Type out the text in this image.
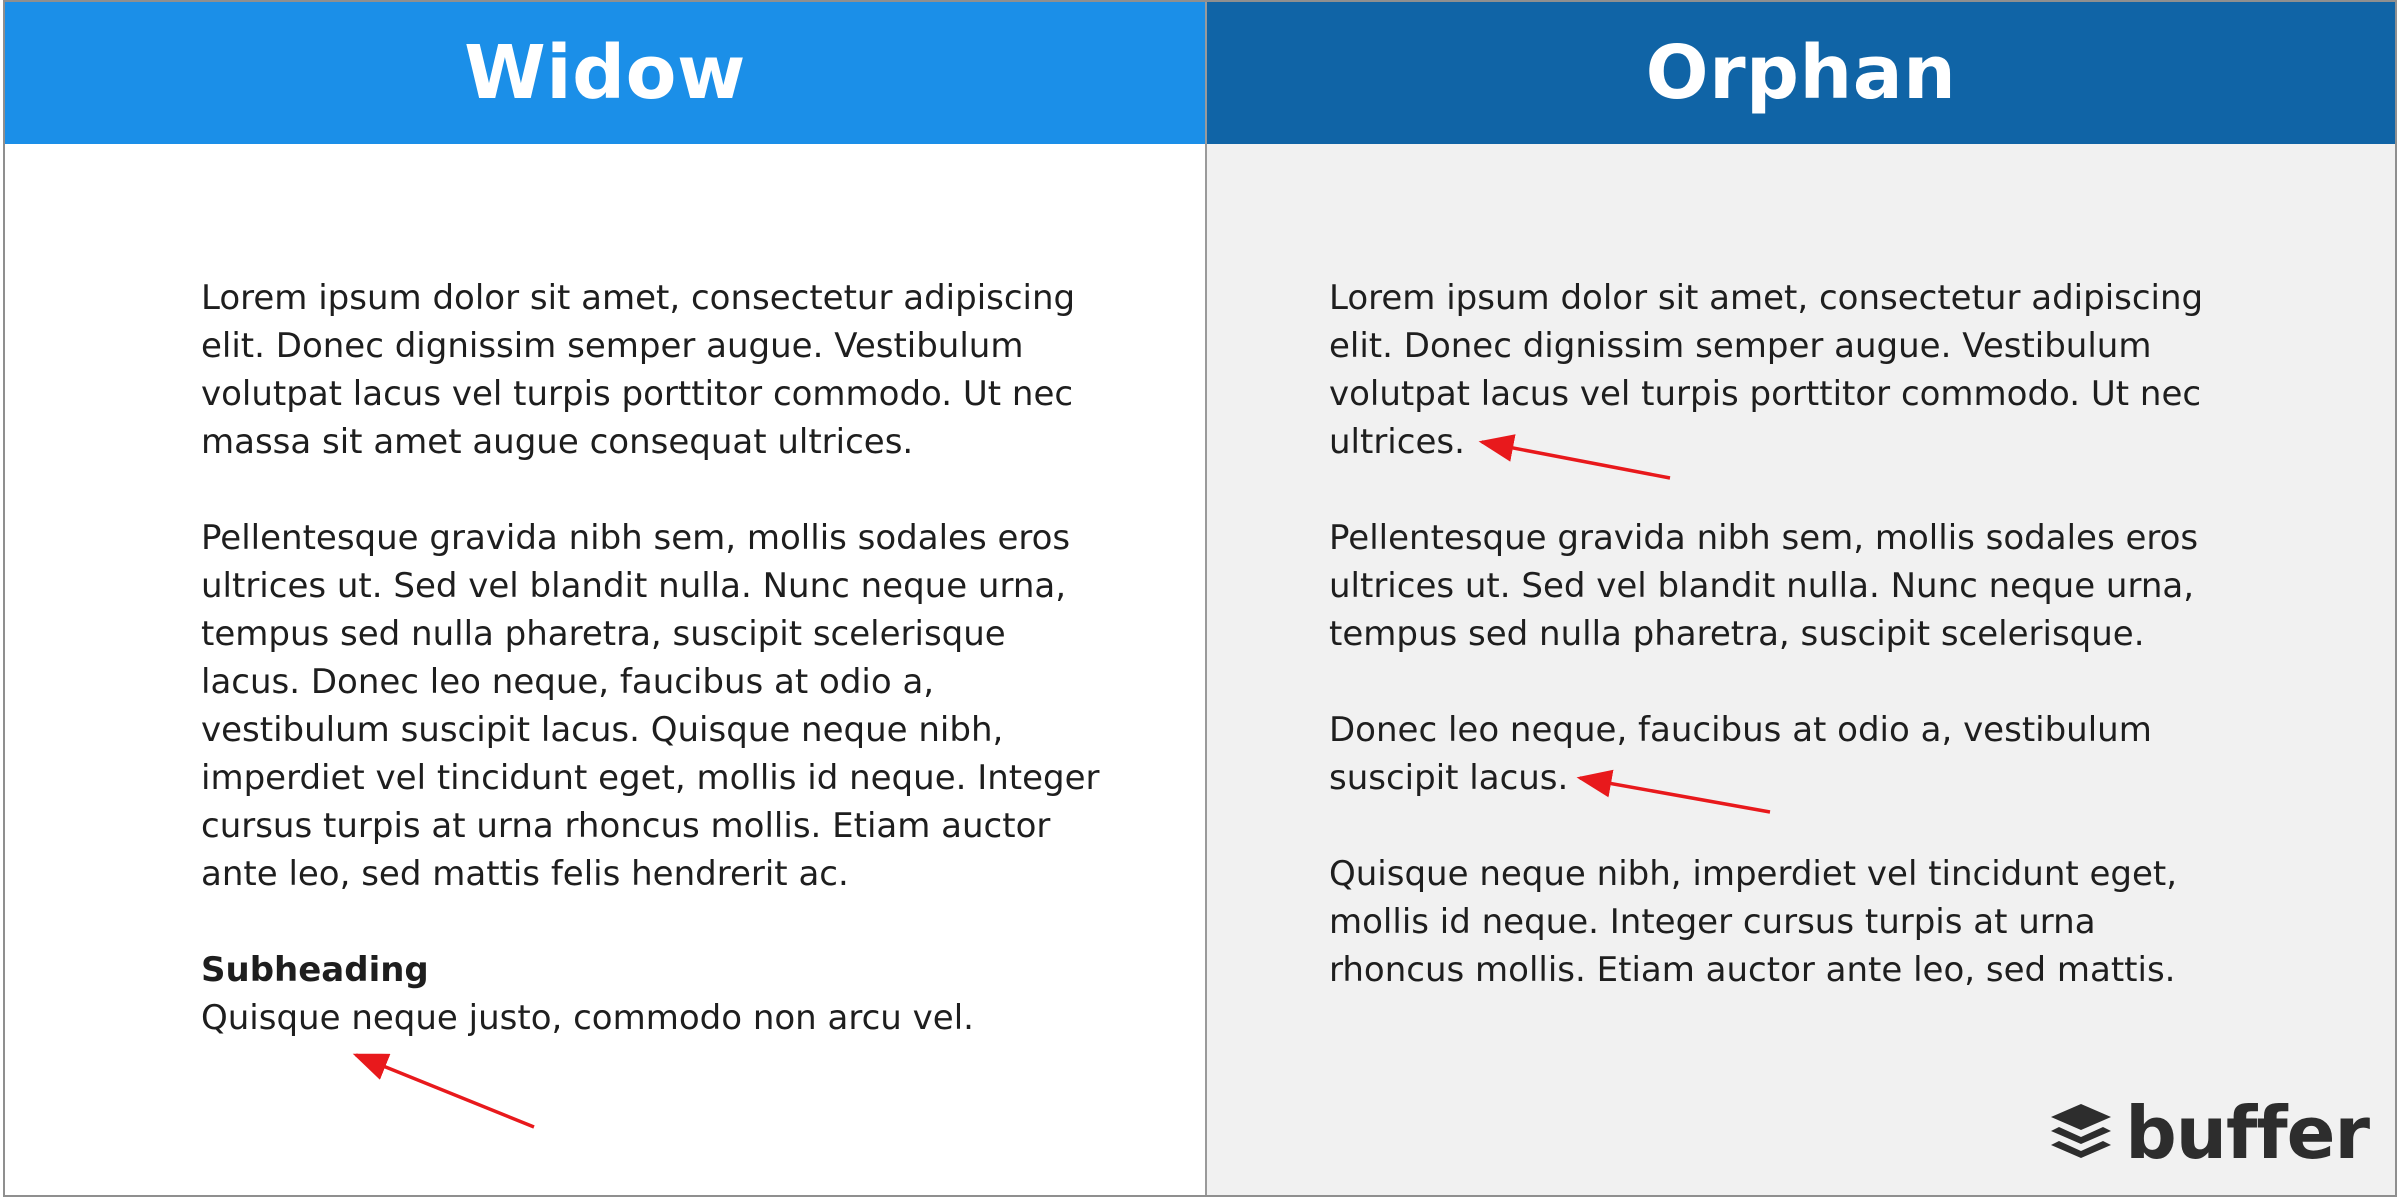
Widow

Lorem ipsum dolor sit amet, consectetur adipiscing
elit. Donec dignissim semper augue. Vestibulum
volutpat lacus vel turpis porttitor commodo. Ut nec
massa sit amet augue consequat ultrices.

Pellentesque gravida nibh sem, mollis sodales eros
ultrices ut. Sed vel blandit nulla. Nunc neque urna,
tempus sed nulla pharetra, suscipit scelerisque
lacus. Donec leo neque, faucibus at odio a,
vestibulum suscipit lacus. Quisque neque nibh,
imperdiet vel tincidunt eget, mollis id neque. Integer
cursus turpis at urna rhoncus mollis. Etiam auctor
ante leo, sed mattis felis hendrerit ac.

Subheading
Quisque neque justo, commodo non arcu vel.

Orphan

Lorem ipsum dolor sit amet, consectetur adipiscing
elit. Donec dignissim semper augue. Vestibulum
volutpat lacus vel turpis porttitor commodo. Ut nec
ultrices.

Pellentesque gravida nibh sem, mollis sodales eros
ultrices ut. Sed vel blandit nulla. Nunc neque urna,
tempus sed nulla pharetra, suscipit scelerisque.

Donec leo neque, faucibus at odio a, vestibulum
suscipit lacus.

Quisque neque nibh, imperdiet vel tincidunt eget,
mollis id neque. Integer cursus turpis at urna
rhoncus mollis. Etiam auctor ante leo, sed mattis.

buffer
